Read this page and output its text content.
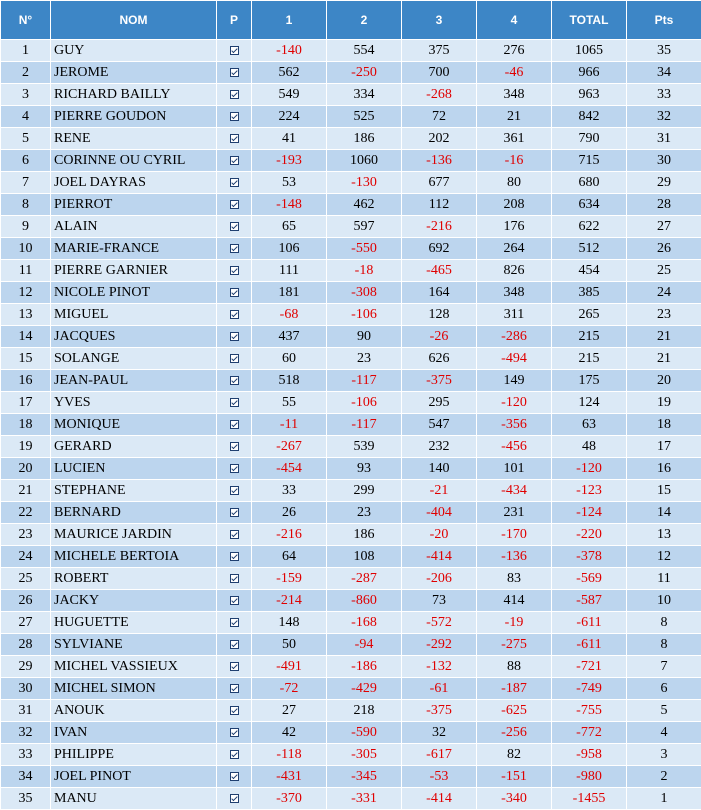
N°	NOM	P	1	2	3	4	TOTAL	Pts
1	GUY		-140	554	375	276	1065	35
2	JEROME		562	-250	700	-46	966	34
3	RICHARD BAILLY		549	334	-268	348	963	33
4	PIERRE GOUDON		224	525	72	21	842	32
5	RENE		41	186	202	361	790	31
6	CORINNE OU CYRIL		-193	1060	-136	-16	715	30
7	JOEL DAYRAS		53	-130	677	80	680	29
8	PIERROT		-148	462	112	208	634	28
9	ALAIN		65	597	-216	176	622	27
10	MARIE-FRANCE		106	-550	692	264	512	26
11	PIERRE GARNIER		111	-18	-465	826	454	25
12	NICOLE PINOT		181	-308	164	348	385	24
13	MIGUEL		-68	-106	128	311	265	23
14	JACQUES		437	90	-26	-286	215	21
15	SOLANGE		60	23	626	-494	215	21
16	JEAN-PAUL		518	-117	-375	149	175	20
17	YVES		55	-106	295	-120	124	19
18	MONIQUE		-11	-117	547	-356	63	18
19	GERARD		-267	539	232	-456	48	17
20	LUCIEN		-454	93	140	101	-120	16
21	STEPHANE		33	299	-21	-434	-123	15
22	BERNARD		26	23	-404	231	-124	14
23	MAURICE JARDIN		-216	186	-20	-170	-220	13
24	MICHELE BERTOIA		64	108	-414	-136	-378	12
25	ROBERT		-159	-287	-206	83	-569	11
26	JACKY		-214	-860	73	414	-587	10
27	HUGUETTE		148	-168	-572	-19	-611	8
28	SYLVIANE		50	-94	-292	-275	-611	8
29	MICHEL VASSIEUX		-491	-186	-132	88	-721	7
30	MICHEL SIMON		-72	-429	-61	-187	-749	6
31	ANOUK		27	218	-375	-625	-755	5
32	IVAN		42	-590	32	-256	-772	4
33	PHILIPPE		-118	-305	-617	82	-958	3
34	JOEL PINOT		-431	-345	-53	-151	-980	2
35	MANU		-370	-331	-414	-340	-1455	1
